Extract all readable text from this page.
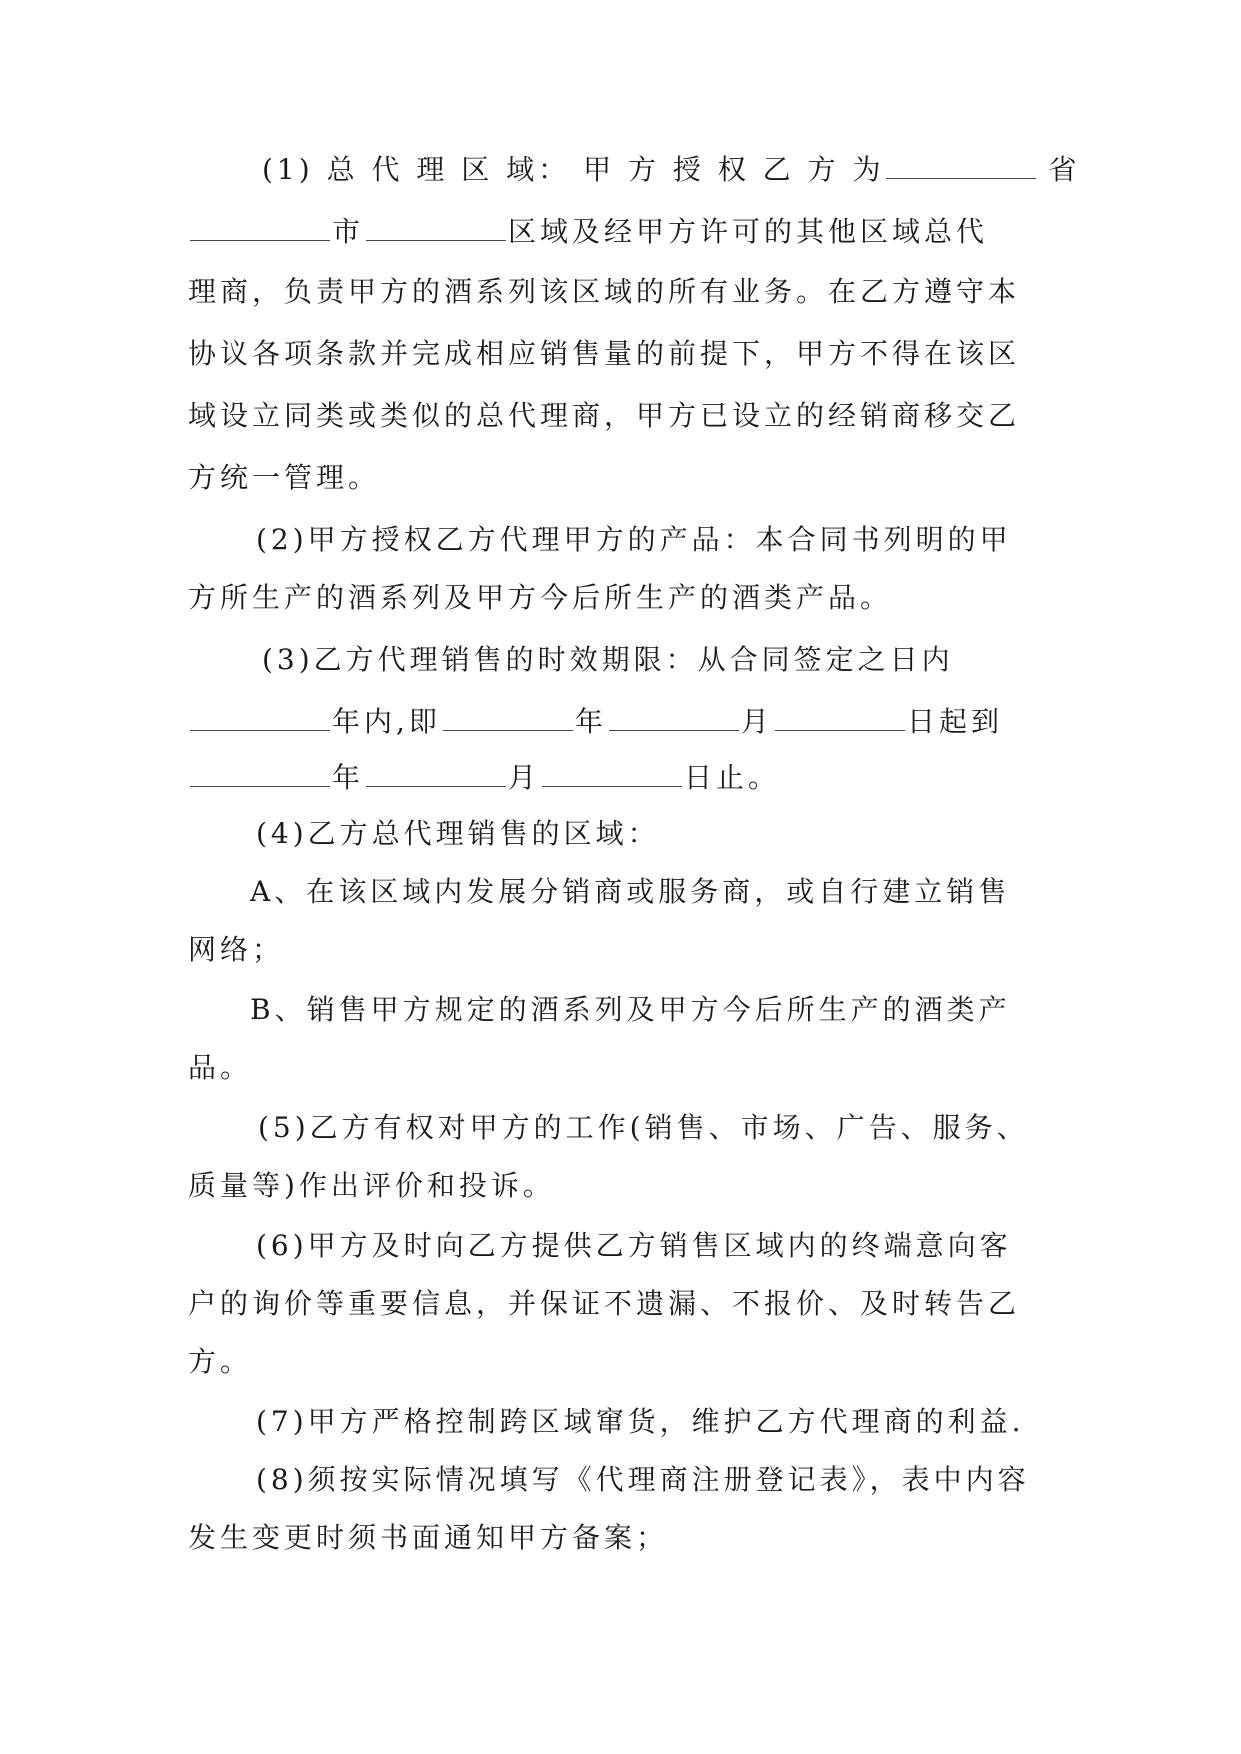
(1) 总 代 理 区 域： 甲 方 授 权 乙 方 为	省
市	区域及经甲方许可的其他区域总代
理商，负责甲方的酒系列该区域的所有业务。在乙方遵守本
协议各项条款并完成相应销售量的前提下，甲方不得在该区
域设立同类或类似的总代理商，甲方已设立的经销商移交乙
方统一管理。
(2)甲方授权乙方代理甲方的产品：本合同书列明的甲
方所生产的酒系列及甲方今后所生产的酒类产品。
(3)乙方代理销售的时效期限：从合同签定之日内
年内,即	年	月	日起到
年	月	日止。
(4)乙方总代理销售的区域：
A、在该区域内发展分销商或服务商，或自行建立销售
网络；
B、销售甲方规定的酒系列及甲方今后所生产的酒类产
品。
(5)乙方有权对甲方的工作(销售、市场、广告、服务、
质量等)作出评价和投诉。
(6)甲方及时向乙方提供乙方销售区域内的终端意向客
户的询价等重要信息，并保证不遗漏、不报价、及时转告乙
方。
(7)甲方严格控制跨区域窜货，维护乙方代理商的利益.
(8)须按实际情况填写《代理商注册登记表》，表中内容
发生变更时须书面通知甲方备案；
